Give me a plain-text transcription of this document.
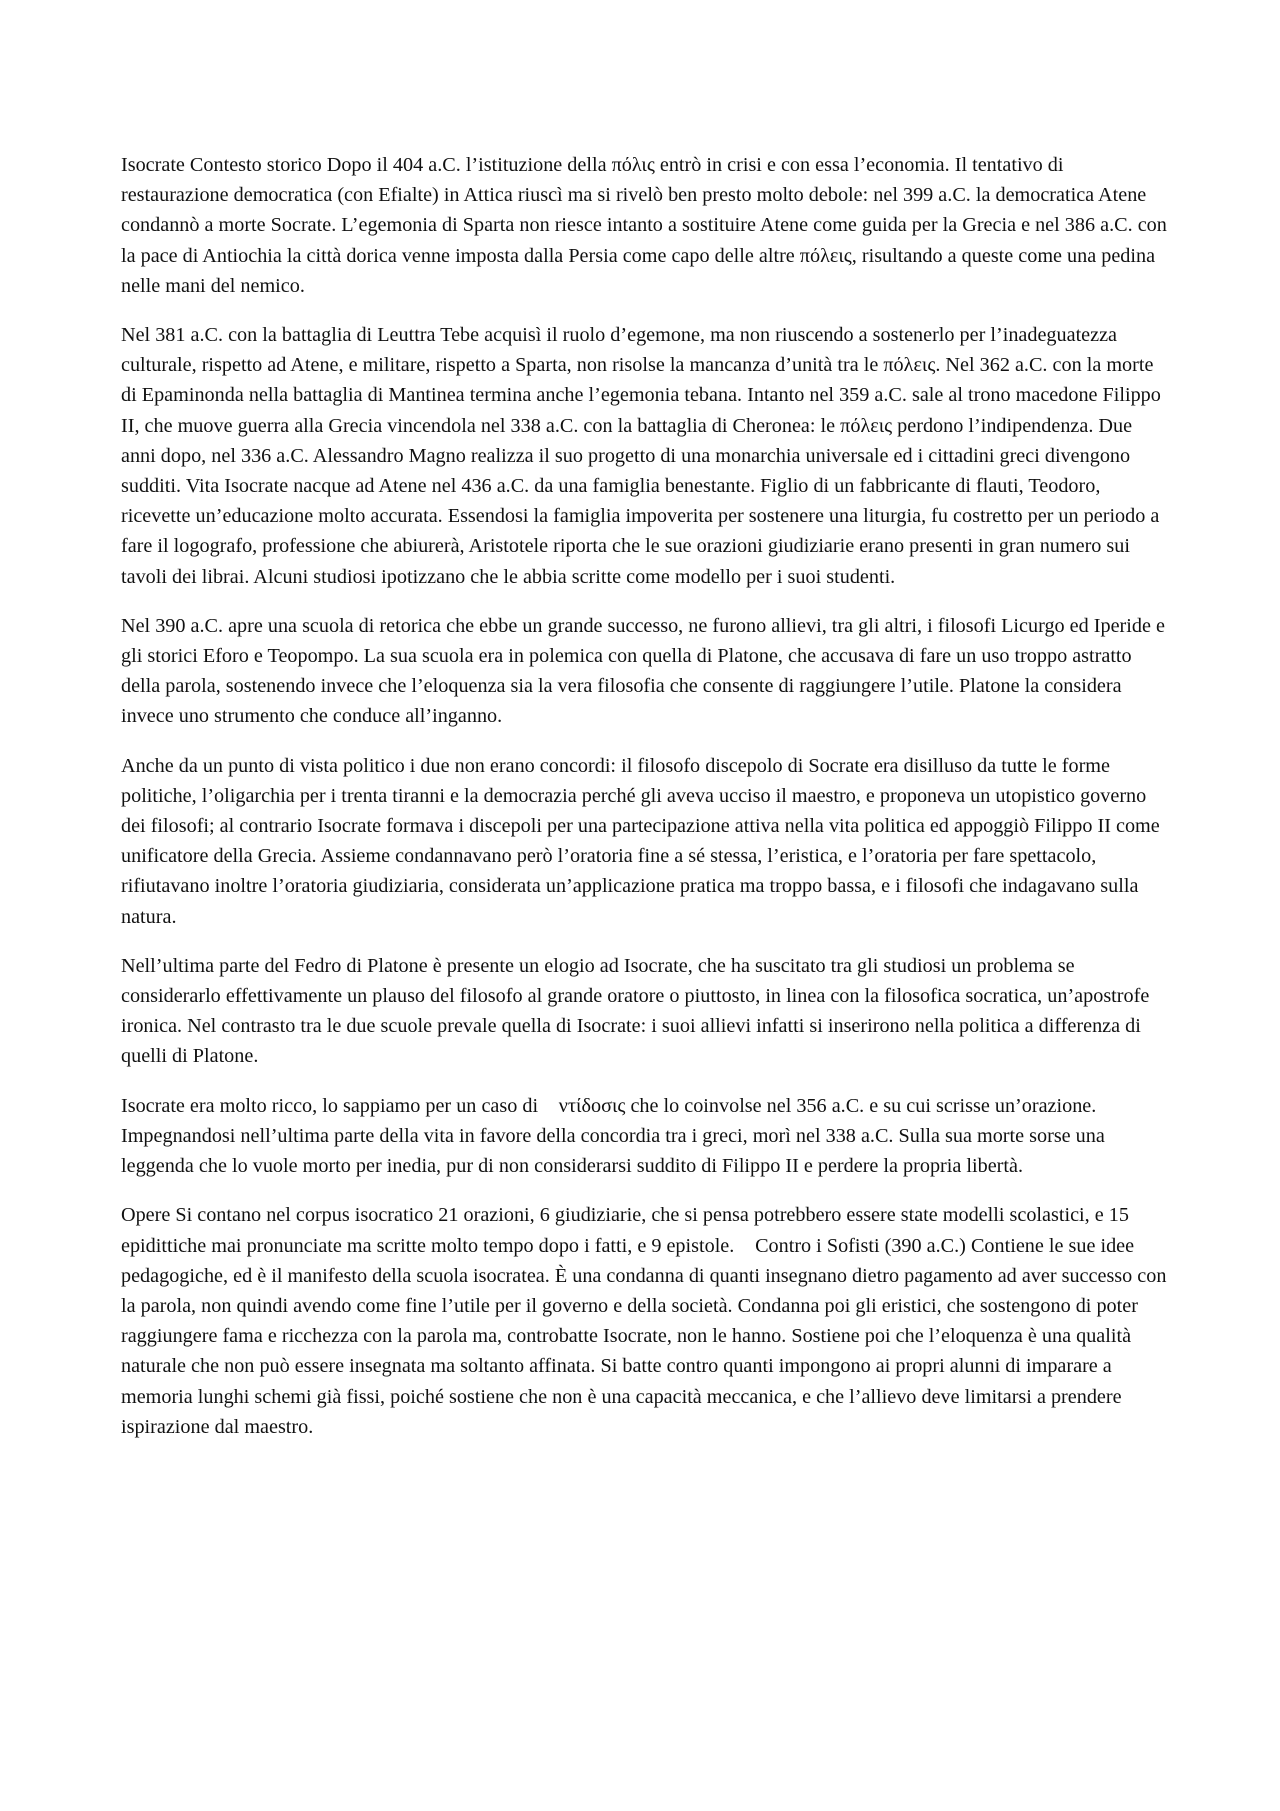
Isocrate Contesto storico Dopo il 404 a.C. l’istituzione della πόλις entrò in crisi e con essa l’economia. Il tentativo di restaurazione democratica (con Efialte) in Attica riuscì ma si rivelò ben presto molto debole: nel 399 a.C. la democratica Atene condannò a morte Socrate. L’egemonia di Sparta non riesce intanto a sostituire Atene come guida per la Grecia e nel 386 a.C. con la pace di Antiochia la città dorica venne imposta dalla Persia come capo delle altre πόλεις, risultando a queste come una pedina nelle mani del nemico.

Nel 381 a.C. con la battaglia di Leuttra Tebe acquisì il ruolo d’egemone, ma non riuscendo a sostenerlo per l’inadeguatezza culturale, rispetto ad Atene, e militare, rispetto a Sparta, non risolse la mancanza d’unità tra le πόλεις. Nel 362 a.C. con la morte di Epaminonda nella battaglia di Mantinea termina anche l’egemonia tebana. Intanto nel 359 a.C. sale al trono macedone Filippo II, che muove guerra alla Grecia vincendola nel 338 a.C. con la battaglia di Cheronea: le πόλεις perdono l’indipendenza. Due anni dopo, nel 336 a.C. Alessandro Magno realizza il suo progetto di una monarchia universale ed i cittadini greci divengono sudditi. Vita Isocrate nacque ad Atene nel 436 a.C. da una famiglia benestante. Figlio di un fabbricante di flauti, Teodoro, ricevette un’educazione molto accurata. Essendosi la famiglia impoverita per sostenere una liturgia, fu costretto per un periodo a fare il logografo, professione che abiurerà, Aristotele riporta che le sue orazioni giudiziarie erano presenti in gran numero sui tavoli dei librai. Alcuni studiosi ipotizzano che le abbia scritte come modello per i suoi studenti.

Nel 390 a.C. apre una scuola di retorica che ebbe un grande successo, ne furono allievi, tra gli altri, i filosofi Licurgo ed Iperide e gli storici Eforo e Teopompo. La sua scuola era in polemica con quella di Platone, che accusava di fare un uso troppo astratto della parola, sostenendo invece che l’eloquenza sia la vera filosofia che consente di raggiungere l’utile. Platone la considera invece uno strumento che conduce all’inganno.

Anche da un punto di vista politico i due non erano concordi: il filosofo discepolo di Socrate era disilluso da tutte le forme politiche, l’oligarchia per i trenta tiranni e la democrazia perché gli aveva ucciso il maestro, e proponeva un utopistico governo dei filosofi; al contrario Isocrate formava i discepoli per una partecipazione attiva nella vita politica ed appoggiò Filippo II come unificatore della Grecia. Assieme condannavano però l’oratoria fine a sé stessa, l’eristica, e l’oratoria per fare spettacolo, rifiutavano inoltre l’oratoria giudiziaria, considerata un’applicazione pratica ma troppo bassa, e i filosofi che indagavano sulla natura.

Nell’ultima parte del Fedro di Platone è presente un elogio ad Isocrate, che ha suscitato tra gli studiosi un problema se considerarlo effettivamente un plauso del filosofo al grande oratore o piuttosto, in linea con la filosofica socratica, un’apostrofe ironica. Nel contrasto tra le due scuole prevale quella di Isocrate: i suoi allievi infatti si inserirono nella politica a differenza di quelli di Platone.

Isocrate era molto ricco, lo sappiamo per un caso di  ντίδοσις che lo coinvolse nel 356 a.C. e su cui scrisse un’orazione. Impegnandosi nell’ultima parte della vita in favore della concordia tra i greci, morì nel 338 a.C. Sulla sua morte sorse una leggenda che lo vuole morto per inedia, pur di non considerarsi suddito di Filippo II e perdere la propria libertà.

Opere Si contano nel corpus isocratico 21 orazioni, 6 giudiziarie, che si pensa potrebbero essere state modelli scolastici, e 15 epidittiche mai pronunciate ma scritte molto tempo dopo i fatti, e 9 epistole.  Contro i Sofisti (390 a.C.) Contiene le sue idee pedagogiche, ed è il manifesto della scuola isocratea. È una condanna di quanti insegnano dietro pagamento ad aver successo con la parola, non quindi avendo come fine l’utile per il governo e della società. Condanna poi gli eristici, che sostengono di poter raggiungere fama e ricchezza con la parola ma, controbatte Isocrate, non le hanno. Sostiene poi che l’eloquenza è una qualità naturale che non può essere insegnata ma soltanto affinata. Si batte contro quanti impongono ai propri alunni di imparare a memoria lunghi schemi già fissi, poiché sostiene che non è una capacità meccanica, e che l’allievo deve limitarsi a prendere ispirazione dal maestro.
